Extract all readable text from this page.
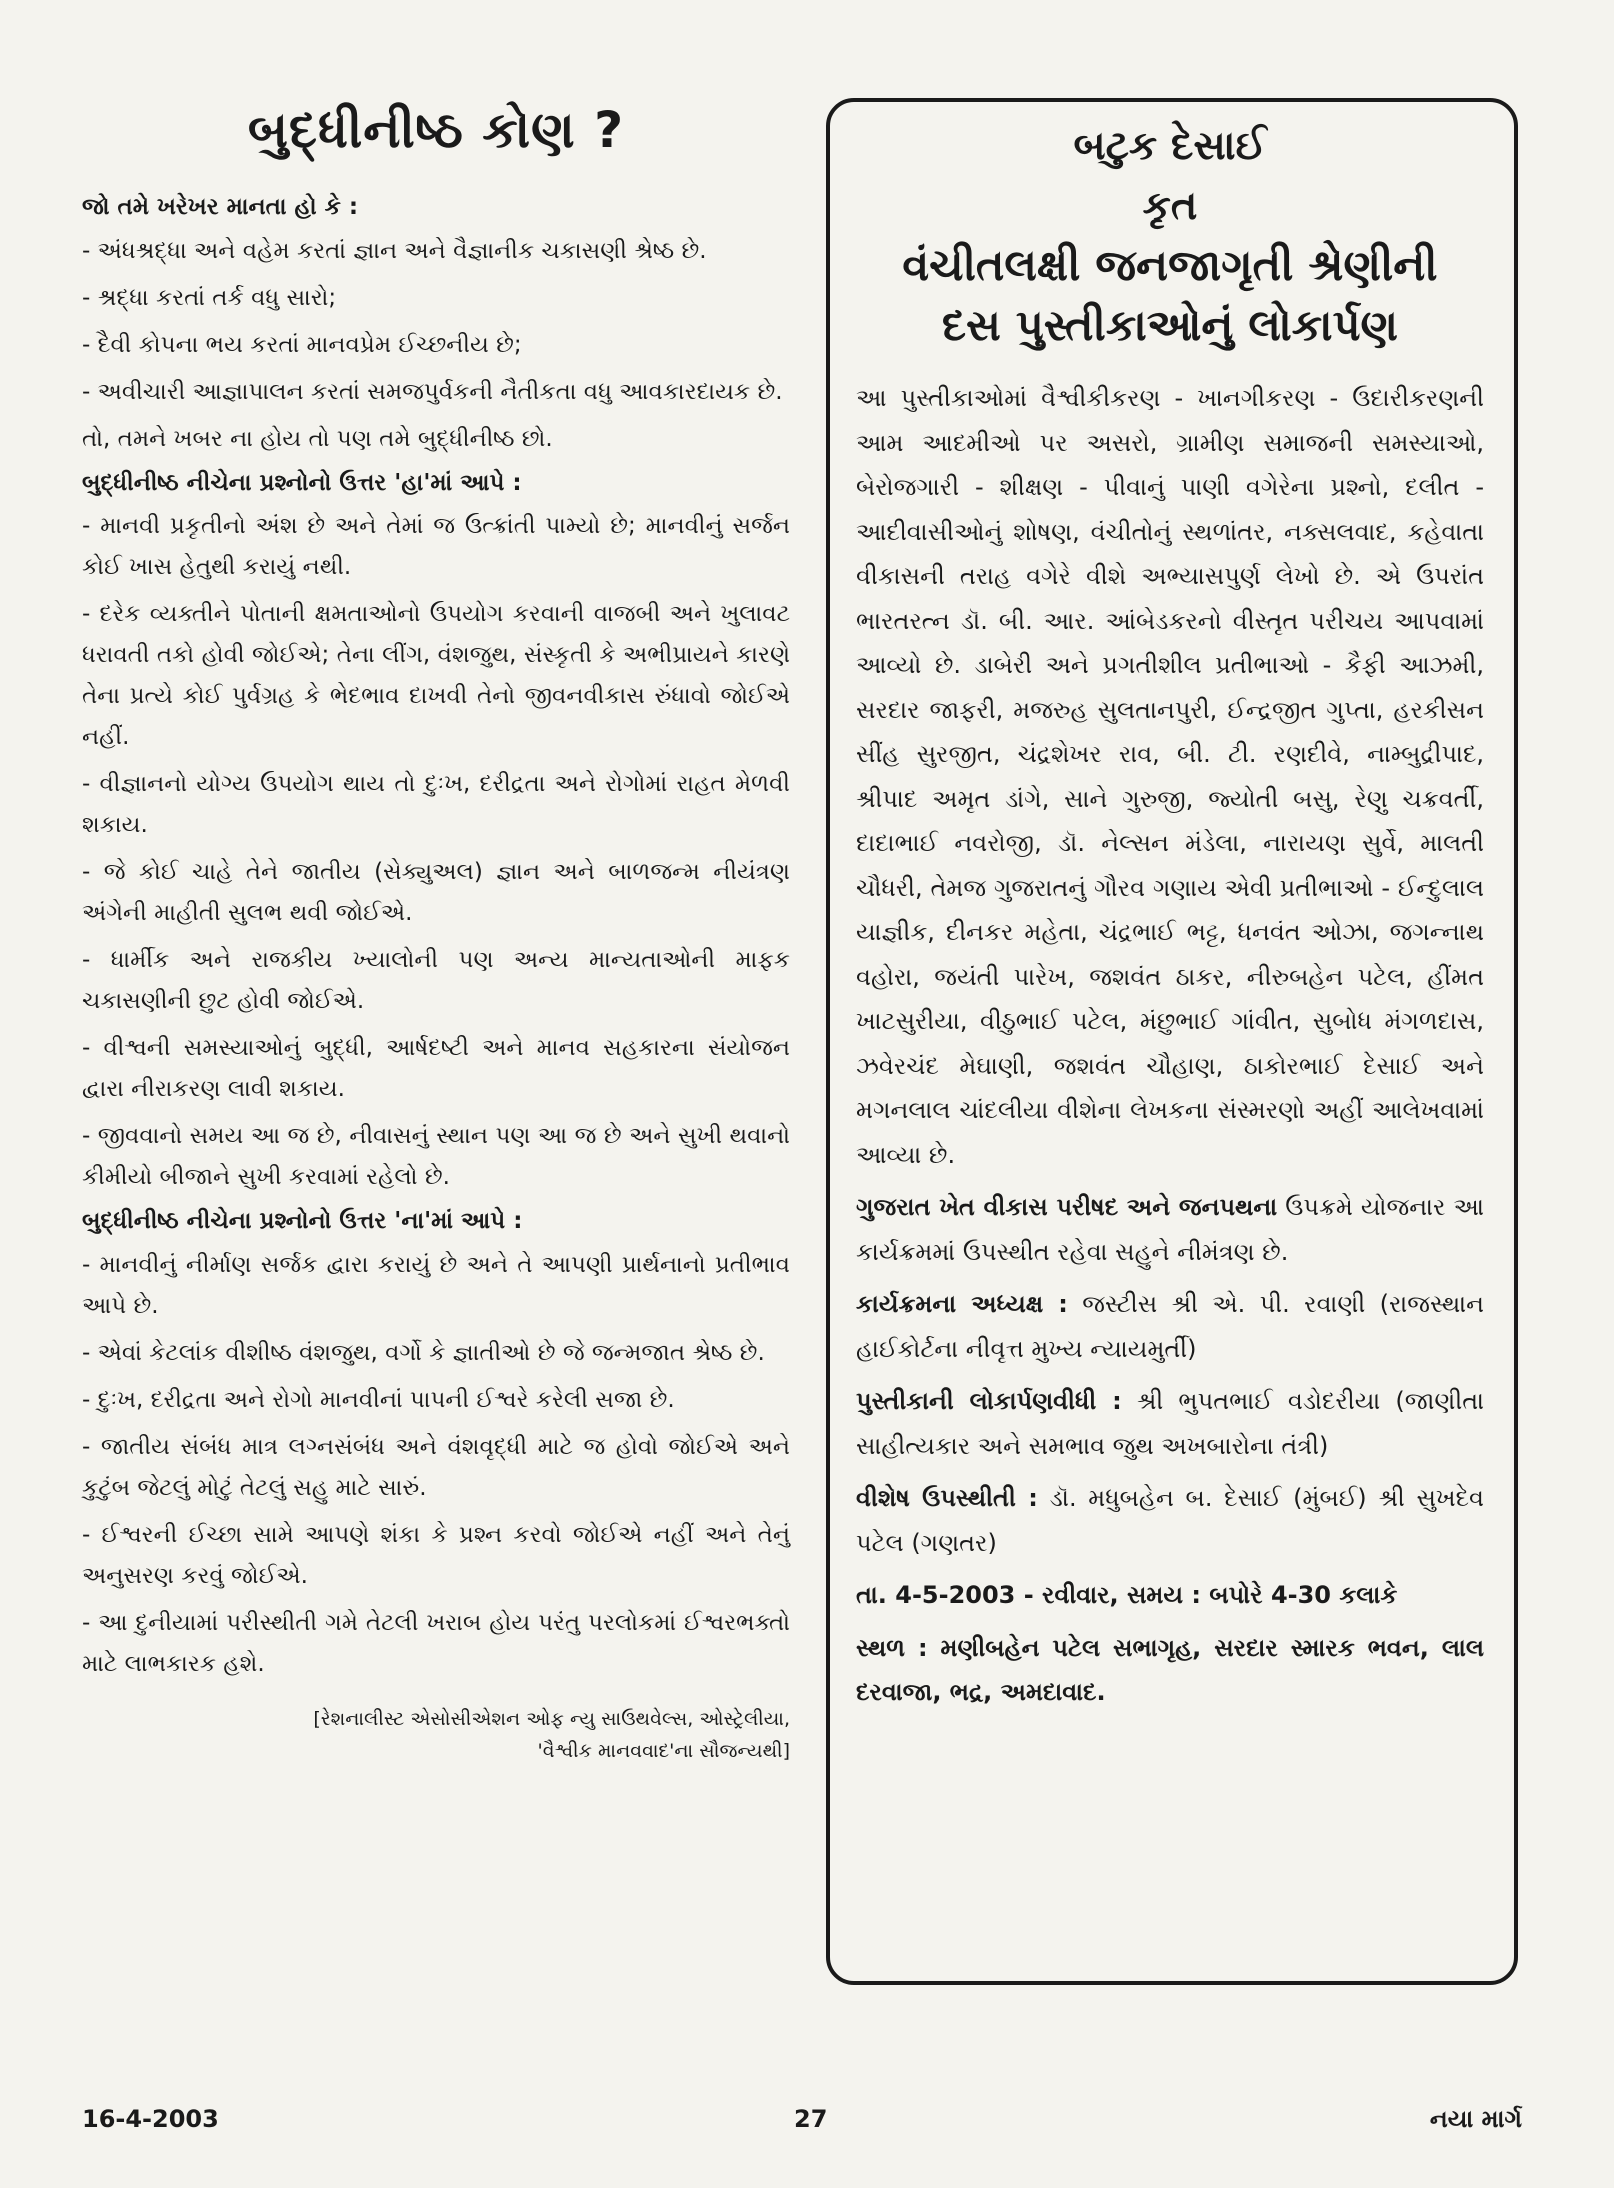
બુદ્ધીનીષ્ઠ કોણ ?
જો તમે ખરેખર માનતા હો કે :

- અંધશ્રદ્ધા અને વહેમ કરતાં જ્ઞાન અને વૈજ્ઞાનીક ચકાસણી શ્રેષ્ઠ છે.

- શ્રદ્ધા કરતાં તર્ક વધુ સારો;

- દૈવી કોપના ભય કરતાં માનવપ્રેમ ઈચ્છનીય છે;

- અવીચારી આજ્ઞાપાલન કરતાં સમજપુર્વકની નૈતીકતા વધુ આવકારદાયક છે.

તો, તમને ખબર ના હોય તો પણ તમે બુદ્ધીનીષ્ઠ છો.

બુદ્ધીનીષ્ઠ નીચેના પ્રશ્નોનો ઉત્તર 'હા'માં આપે :

- માનવી પ્રકૃતીનો અંશ છે અને તેમાં જ ઉત્ક્રાંતી પામ્યો છે; માનવીનું સર્જન કોઈ ખાસ હેતુથી કરાયું નથી.

- દરેક વ્યક્તીને પોતાની ક્ષમતાઓનો ઉપયોગ કરવાની વાજબી અને ખુલાવટ ધરાવતી તકો હોવી જોઈએ; તેના લીંગ, વંશજુથ, સંસ્કૃતી કે અભીપ્રાયને કારણે તેના પ્રત્યે કોઈ પુર્વગ્રહ કે ભેદભાવ દાખવી તેનો જીવનવીકાસ રુંધાવો જોઈએ નહીં.

- વીજ્ઞાનનો યોગ્ય ઉપયોગ થાય તો દુઃખ, દરીદ્રતા અને રોગોમાં રાહત મેળવી શકાય.

- જે કોઈ ચાહે તેને જાતીય (સેક્યુઅલ) જ્ઞાન અને બાળજન્મ નીયંત્રણ અંગેની માહીતી સુલભ થવી જોઈએ.

- ધાર્મીક અને રાજકીય ખ્યાલોની પણ અન્ય માન્યતાઓની માફક ચકાસણીની છુટ હોવી જોઈએ.

- વીશ્વની સમસ્યાઓનું બુદ્ધી, આર્ષદષ્ટી અને માનવ સહકારના સંયોજન દ્વારા નીરાકરણ લાવી શકાય.

- જીવવાનો સમય આ જ છે, નીવાસનું સ્થાન પણ આ જ છે અને સુખી થવાનો કીમીયો બીજાને સુખી કરવામાં રહેલો છે.

બુદ્ધીનીષ્ઠ નીચેના પ્રશ્નોનો ઉત્તર 'ના'માં આપે :

- માનવીનું નીર્માણ સર્જક દ્વારા કરાયું છે અને તે આપણી પ્રાર્થનાનો પ્રતીભાવ આપે છે.

- એવાં કેટલાંક વીશીષ્ઠ વંશજુથ, વર્ગો કે જ્ઞાતીઓ છે જે જન્મજાત શ્રેષ્ઠ છે.

- દુઃખ, દરીદ્રતા અને રોગો માનવીનાં પાપની ઈશ્વરે કરેલી સજા છે.

- જાતીય સંબંધ માત્ર લગ્નસંબંધ અને વંશવૃદ્ધી માટે જ હોવો જોઈએ અને કુટુંબ જેટલું મોટું તેટલું સહુ માટે સારું.

- ઈશ્વરની ઈચ્છા સામે આપણે શંકા કે પ્રશ્ન કરવો જોઈએ નહીં અને તેનું અનુસરણ કરવું જોઈએ.

- આ દુનીયામાં પરીસ્થીતી ગમે તેટલી ખરાબ હોય પરંતુ પરલોકમાં ઈશ્વરભક્તો માટે લાભકારક હશે.

[રેશનાલીસ્ટ એસોસીએશન ઓફ ન્યુ સાઉથવેલ્સ, ઓસ્ટ્રેલીયા,
'વૈશ્વીક માનવવાદ'ના સૌજન્યથી]
બટુક દેસાઈ
કૃત
વંચીતલક્ષી જનજાગૃતી શ્રેણીની
દસ પુસ્તીકાઓનું લોકાર્પણ

આ પુસ્તીકાઓમાં વૈશ્વીકીકરણ - ખાનગીકરણ - ઉદારીકરણની આમ આદમીઓ પર અસરો, ગ્રામીણ સમાજની સમસ્યાઓ, બેરોજગારી - શીક્ષણ - પીવાનું પાણી વગેરેના પ્રશ્નો, દલીત - આદીવાસીઓનું શોષણ, વંચીતોનું સ્થળાંતર, નક્સલવાદ, કહેવાતા વીકાસની તરાહ વગેરે વીશે અભ્યાસપુર્ણ લેખો છે. એ ઉપરાંત ભારતરત્ન ડૉ. બી. આર. આંબેડકરનો વીસ્તૃત પરીચય આપવામાં આવ્યો છે. ડાબેરી અને પ્રગતીશીલ પ્રતીભાઓ - કૈફી આઝમી, સરદાર જાફરી, મજરુહ સુલતાનપુરી, ઈન્દ્રજીત ગુપ્તા, હરકીસન સીંહ સુરજીત, ચંદ્રશેખર રાવ, બી. ટી. રણદીવે, નામ્બુદ્રીપાદ, શ્રીપાદ અમૃત ડાંગે, સાને ગુરુજી, જ્યોતી બસુ, રેણુ ચક્રવર્તી, દાદાભાઈ નવરોજી, ડૉ. નેલ્સન મંડેલા, નારાયણ સુર્વે, માલતી ચૌધરી, તેમજ ગુજરાતનું ગૌરવ ગણાય એવી પ્રતીભાઓ - ઈન્દુલાલ યાજ્ઞીક, દીનકર મહેતા, ચંદ્રભાઈ ભટ્ટ, ધનવંત ઓઝા, જગન્નાથ વહોરા, જયંતી પારેખ, જશવંત ઠાકર, નીરુબહેન પટેલ, હીંમત ખાટસુરીયા, વીઠુભાઈ પટેલ, મંછુભાઈ ગાંવીત, સુબોધ મંગળદાસ, ઝવેરચંદ મેઘાણી, જશવંત ચૌહાણ, ઠાકોરભાઈ દેસાઈ અને મગનલાલ ચાંદલીયા વીશેના લેખકના સંસ્મરણો અહીં આલેખવામાં આવ્યા છે.

ગુજરાત ખેત વીકાસ પરીષદ અને જનપથના ઉપક્રમે યોજનાર આ કાર્યક્રમમાં ઉપસ્થીત રહેવા સહુને નીમંત્રણ છે.

કાર્યક્રમના અધ્યક્ષ : જસ્ટીસ શ્રી એ. પી. રવાણી (રાજસ્થાન હાઈકોર્ટના નીવૃત્ત મુખ્ય ન્યાયમુર્તી)

પુસ્તીકાની લોકાર્પણવીધી : શ્રી ભુપતભાઈ વડોદરીયા (જાણીતા સાહીત્યકાર અને સમભાવ જુથ અખબારોના તંત્રી)

વીશેષ ઉપસ્થીતી : ડૉ. મધુબહેન બ. દેસાઈ (મુંબઈ) શ્રી સુખદેવ પટેલ (ગણતર)

તા. 4-5-2003 - રવીવાર, સમય : બપોરે 4-30 કલાકે

સ્થળ : મણીબહેન પટેલ સભાગૃહ, સરદાર સ્મારક ભવન, લાલ દરવાજા, ભદ્ર, અમદાવાદ.

16-4-2003	27	નયા માર્ગ
